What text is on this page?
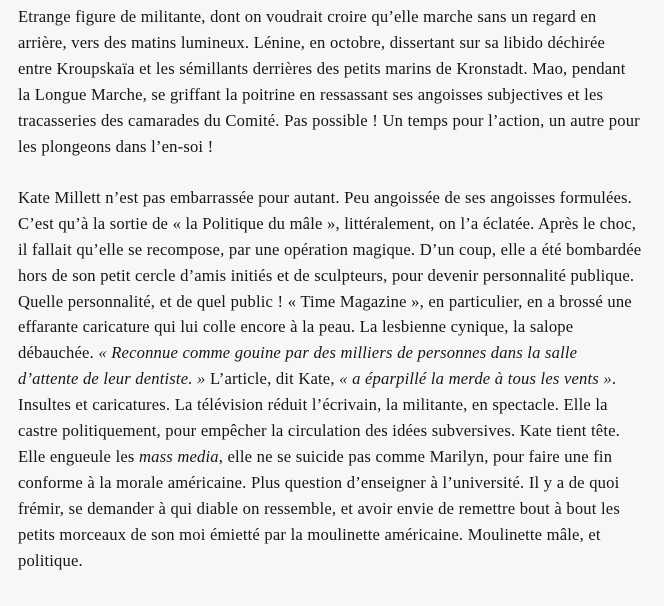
Etrange figure de militante, dont on voudrait croire qu’elle marche sans un regard en arrière, vers des matins lumineux. Lénine, en octobre, dissertant sur sa libido déchirée entre Kroupskaïa et les sémillants derrières des petits marins de Kronstadt. Mao, pendant la Longue Marche, se griffant la poitrine en ressassant ses angoisses subjectives et les tracasseries des camarades du Comité. Pas possible ! Un temps pour l’action, un autre pour les plongeons dans l’en-soi !

Kate Millett n’est pas embarrassée pour autant. Peu angoissée de ses angoisses formulées. C’est qu’à la sortie de « la Politique du mâle », littéralement, on l’a éclatée. Après le choc, il fallait qu’elle se recompose, par une opération magique. D’un coup, elle a été bombardée hors de son petit cercle d’amis initiés et de sculpteurs, pour devenir personnalité publique. Quelle personnalité, et de quel public ! « Time Magazine », en particulier, en a brossé une effarante caricature qui lui colle encore à la peau. La lesbienne cynique, la salope débauchée. « Reconnue comme gouine par des milliers de personnes dans la salle d’attente de leur dentiste. » L’article, dit Kate, « a éparpillé la merde à tous les vents ». Insultes et caricatures. La télévision réduit l’écrivain, la militante, en spectacle. Elle la castre politiquement, pour empêcher la circulation des idées subversives. Kate tient tête. Elle engueule les mass media, elle ne se suicide pas comme Marilyn, pour faire une fin conforme à la morale américaine. Plus question d’enseigner à l’université. Il y a de quoi frémir, se demander à qui diable on ressemble, et avoir envie de remettre bout à bout les petits morceaux de son moi émietté par la moulinette américaine. Moulinette mâle, et politique.
